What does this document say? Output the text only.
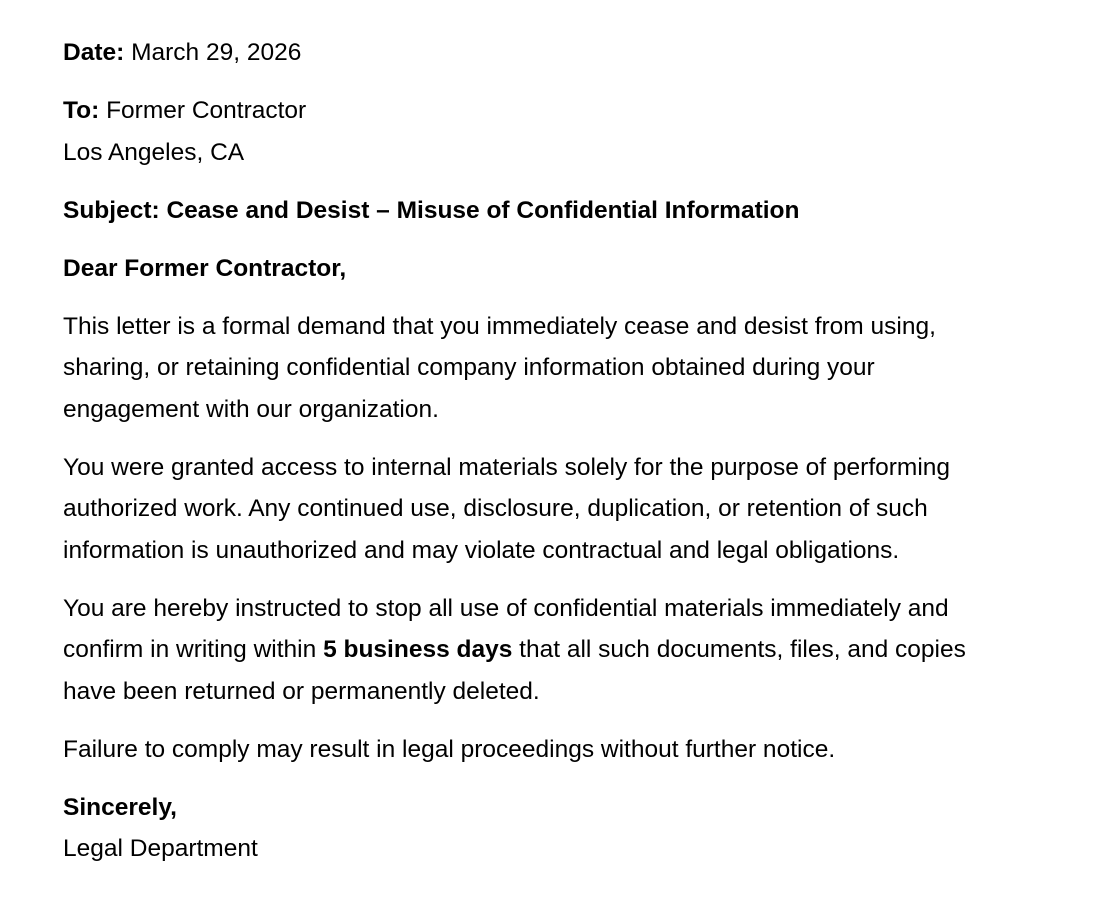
Date: March 29, 2026
To: Former Contractor
Los Angeles, CA
Subject: Cease and Desist – Misuse of Confidential Information
Dear Former Contractor,
This letter is a formal demand that you immediately cease and desist from using,
sharing, or retaining confidential company information obtained during your
engagement with our organization.
You were granted access to internal materials solely for the purpose of performing
authorized work. Any continued use, disclosure, duplication, or retention of such
information is unauthorized and may violate contractual and legal obligations.
You are hereby instructed to stop all use of confidential materials immediately and
confirm in writing within 5 business days that all such documents, files, and copies
have been returned or permanently deleted.
Failure to comply may result in legal proceedings without further notice.
Sincerely,
Legal Department
